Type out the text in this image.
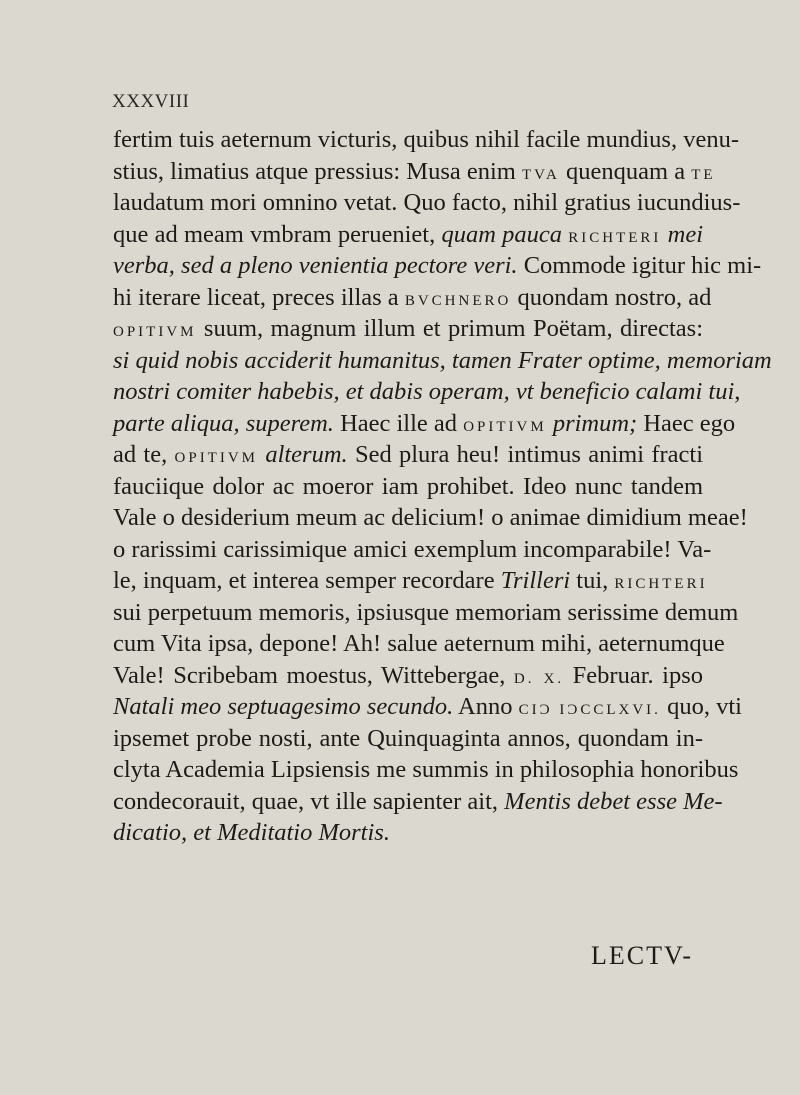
XXXVIII
fertim tuis aeternum victuris, quibus nihil facile mundius, venu-
stius, limatius atque pressius: Musa enim TVA quenquam a TE
laudatum mori omnino vetat. Quo facto, nihil gratius iucundius-
que ad meam vmbram perueniet, quam pauca RICHTERI mei
verba, sed a pleno venientia pectore veri. Commode igitur hic mi-
hi iterare liceat, preces illas a BVCHNERO quondam nostro, ad
OPITIVM suum, magnum illum et primum Poëtam, directas:
si quid nobis acciderit humanitus, tamen Frater optime, memoriam
nostri comiter habebis, et dabis operam, vt beneficio calami tui,
parte aliqua, superem. Haec ille ad OPITIVM primum; Haec ego
ad te, OPITIVM alterum. Sed plura heu! intimus animi fracti
fauciique dolor ac moeror iam prohibet. Ideo nunc tandem
Vale o desiderium meum ac delicium! o animae dimidium meae!
o rarissimi carissimique amici exemplum incomparabile! Va-
le, inquam, et interea semper recordare Trilleri tui, RICHTERI
sui perpetuum memoris, ipsiusque memoriam serissime demum
cum Vita ipsa, depone! Ah! salue aeternum mihi, aeternumque
Vale! Scribebam moestus, Wittebergae, D. X. Februar. ipso
Natali meo septuagesimo secundo. Anno CIƆ IƆCCLXVI. quo, vti
ipsemet probe nosti, ante Quinquaginta annos, quondam in-
clyta Academia Lipsiensis me summis in philosophia honoribus
condecorauit, quae, vt ille sapienter ait, Mentis debet esse Me-
dicatio, et Meditatio Mortis.
LECTV-
